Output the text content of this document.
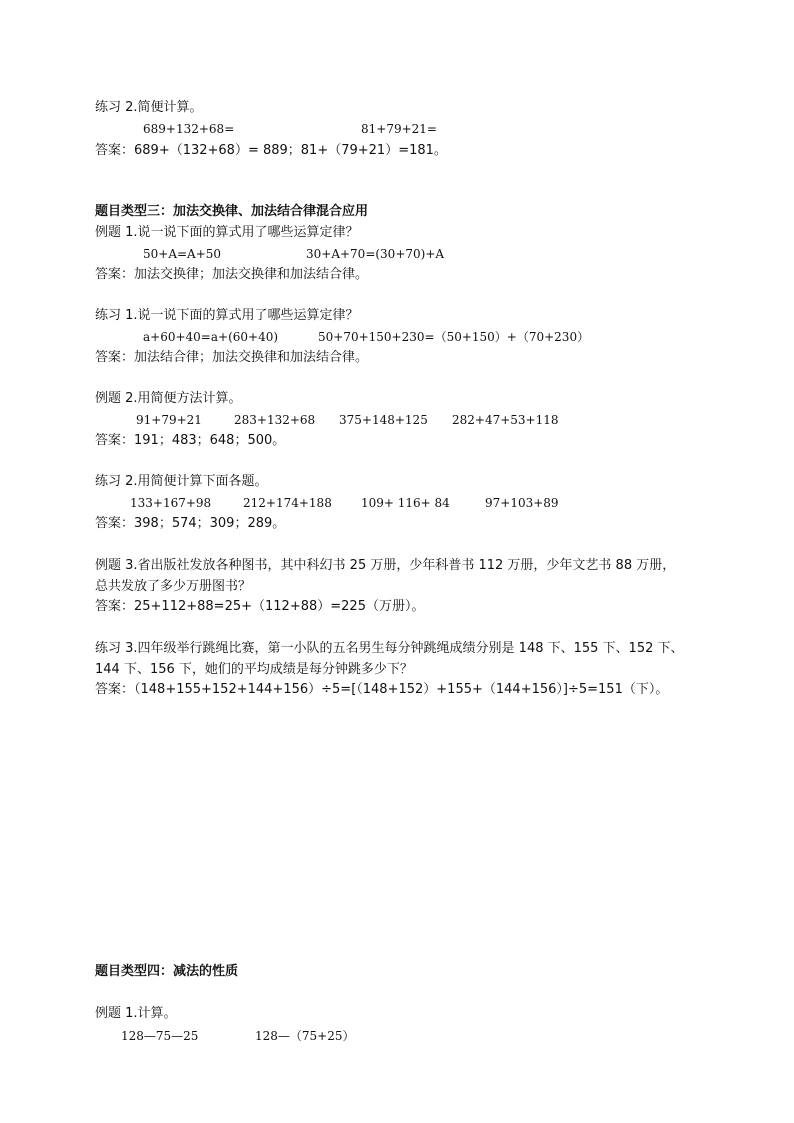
练习 2.简便计算。
689+132+68=	81+79+21=
答案：689+（132+68）= 889；81+（79+21）=181。
题目类型三：加法交换律、加法结合律混合应用
例题 1.说一说下面的算式用了哪些运算定律？
50+A=A+50	30+A+70=(30+70)+A
答案：加法交换律；加法交换律和加法结合律。
练习 1.说一说下面的算式用了哪些运算定律？
a+60+40=a+(60+40)	50+70+150+230=（50+150）+（70+230）
答案：加法结合律；加法交换律和加法结合律。
例题 2.用简便方法计算。
91+79+21	283+132+68 375+148+125 282+47+53+118
答案：191；483；648；500。
练习 2.用简便计算下面各题。
133+167+98	212+174+188 109+ 116+ 84	97+103+89
答案：398；574；309；289。
例题 3.省出版社发放各种图书，其中科幻书 25 万册，少年科普书 112 万册，少年文艺书 88 万册，
总共发放了多少万册图书？
答案：25+112+88=25+（112+88）=225（万册）。
练习 3.四年级举行跳绳比赛，第一小队的五名男生每分钟跳绳成绩分别是 148 下、155 下、152 下、
144 下、156 下，她们的平均成绩是每分钟跳多少下？
答案：（148+155+152+144+156）÷5=[（148+152）+155+（144+156）]÷5=151（下）。
题目类型四：减法的性质
例题 1.计算。
128—75—25	128—（75+25）
